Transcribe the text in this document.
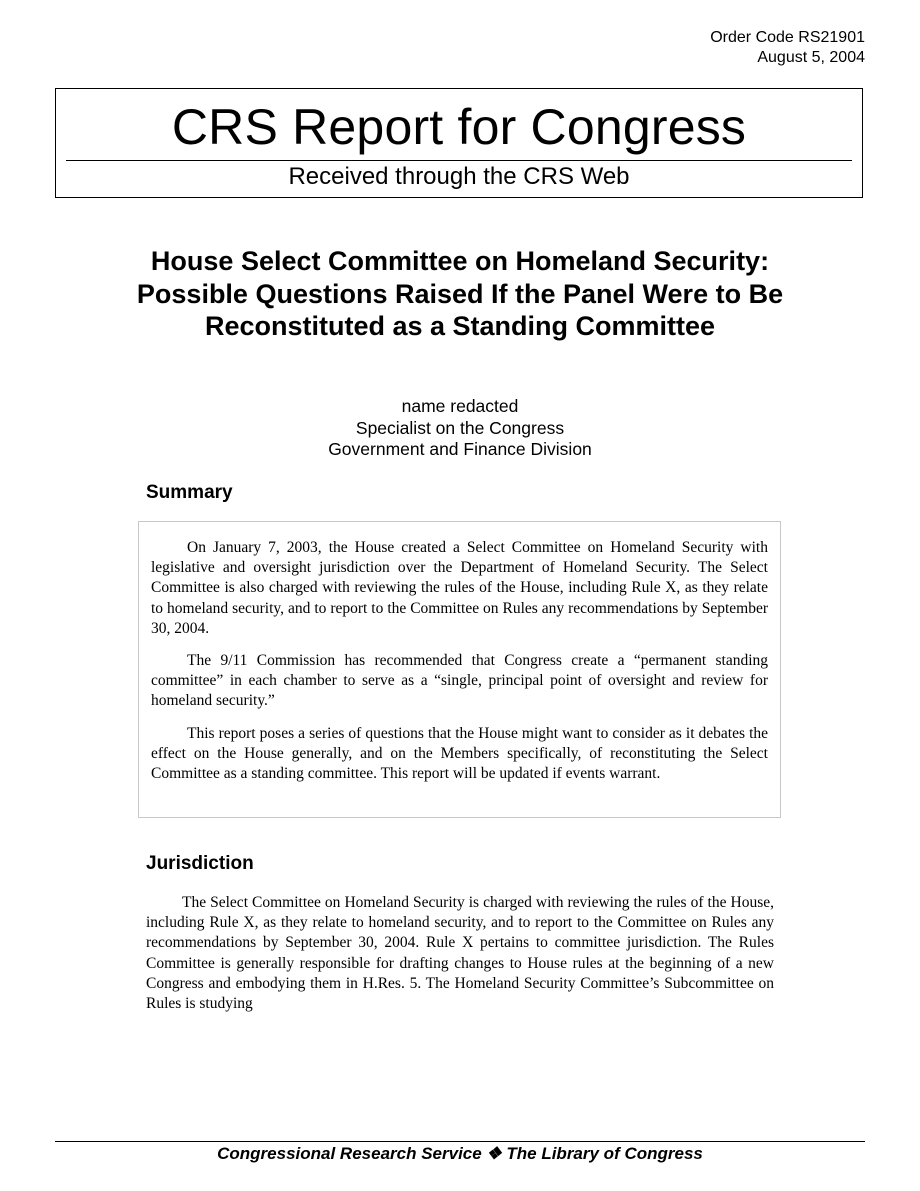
Order Code RS21901
August 5, 2004
CRS Report for Congress
Received through the CRS Web
House Select Committee on Homeland Security: Possible Questions Raised If the Panel Were to Be Reconstituted as a Standing Committee
name redacted
Specialist on the Congress
Government and Finance Division
Summary

On January 7, 2003, the House created a Select Committee on Homeland Security with legislative and oversight jurisdiction over the Department of Homeland Security. The Select Committee is also charged with reviewing the rules of the House, including Rule X, as they relate to homeland security, and to report to the Committee on Rules any recommendations by September 30, 2004.

The 9/11 Commission has recommended that Congress create a “permanent standing committee” in each chamber to serve as a “single, principal point of oversight and review for homeland security.”

This report poses a series of questions that the House might want to consider as it debates the effect on the House generally, and on the Members specifically, of reconstituting the Select Committee as a standing committee. This report will be updated if events warrant.

Jurisdiction

The Select Committee on Homeland Security is charged with reviewing the rules of the House, including Rule X, as they relate to homeland security, and to report to the Committee on Rules any recommendations by September 30, 2004. Rule X pertains to committee jurisdiction. The Rules Committee is generally responsible for drafting changes to House rules at the beginning of a new Congress and embodying them in H.Res. 5. The Homeland Security Committee’s Subcommittee on Rules is studying

Congressional Research Service ❖ The Library of Congress
